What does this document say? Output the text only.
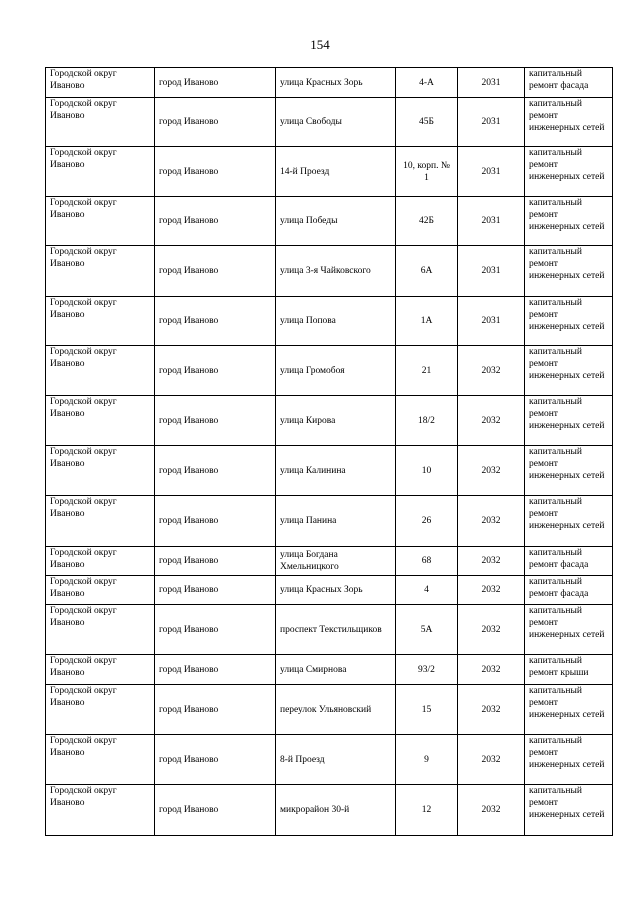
154
Городской округ Иваново	город Иваново	улица Красных Зорь	4-А	2031	капитальный ремонт фасада
Городской округ Иваново	город Иваново	улица Свободы	45Б	2031	капитальный ремонт инженерных сетей
Городской округ Иваново	город Иваново	14-й Проезд	10, корп. № 1	2031	капитальный ремонт инженерных сетей
Городской округ Иваново	город Иваново	улица Победы	42Б	2031	капитальный ремонт инженерных сетей
Городской округ Иваново	город Иваново	улица 3-я Чайковского	6А	2031	капитальный ремонт инженерных сетей
Городской округ Иваново	город Иваново	улица Попова	1А	2031	капитальный ремонт инженерных сетей
Городской округ Иваново	город Иваново	улица Громобоя	21	2032	капитальный ремонт инженерных сетей
Городской округ Иваново	город Иваново	улица Кирова	18/2	2032	капитальный ремонт инженерных сетей
Городской округ Иваново	город Иваново	улица Калинина	10	2032	капитальный ремонт инженерных сетей
Городской округ Иваново	город Иваново	улица Панина	26	2032	капитальный ремонт инженерных сетей
Городской округ Иваново	город Иваново	улица Богдана Хмельницкого	68	2032	капитальный ремонт фасада
Городской округ Иваново	город Иваново	улица Красных Зорь	4	2032	капитальный ремонт фасада
Городской округ Иваново	город Иваново	проспект Текстильщиков	5А	2032	капитальный ремонт инженерных сетей
Городской округ Иваново	город Иваново	улица Смирнова	93/2	2032	капитальный ремонт крыши
Городской округ Иваново	город Иваново	переулок Ульяновский	15	2032	капитальный ремонт инженерных сетей
Городской округ Иваново	город Иваново	8-й Проезд	9	2032	капитальный ремонт инженерных сетей
Городской округ Иваново	город Иваново	микрорайон 30-й	12	2032	капитальный ремонт инженерных сетей
